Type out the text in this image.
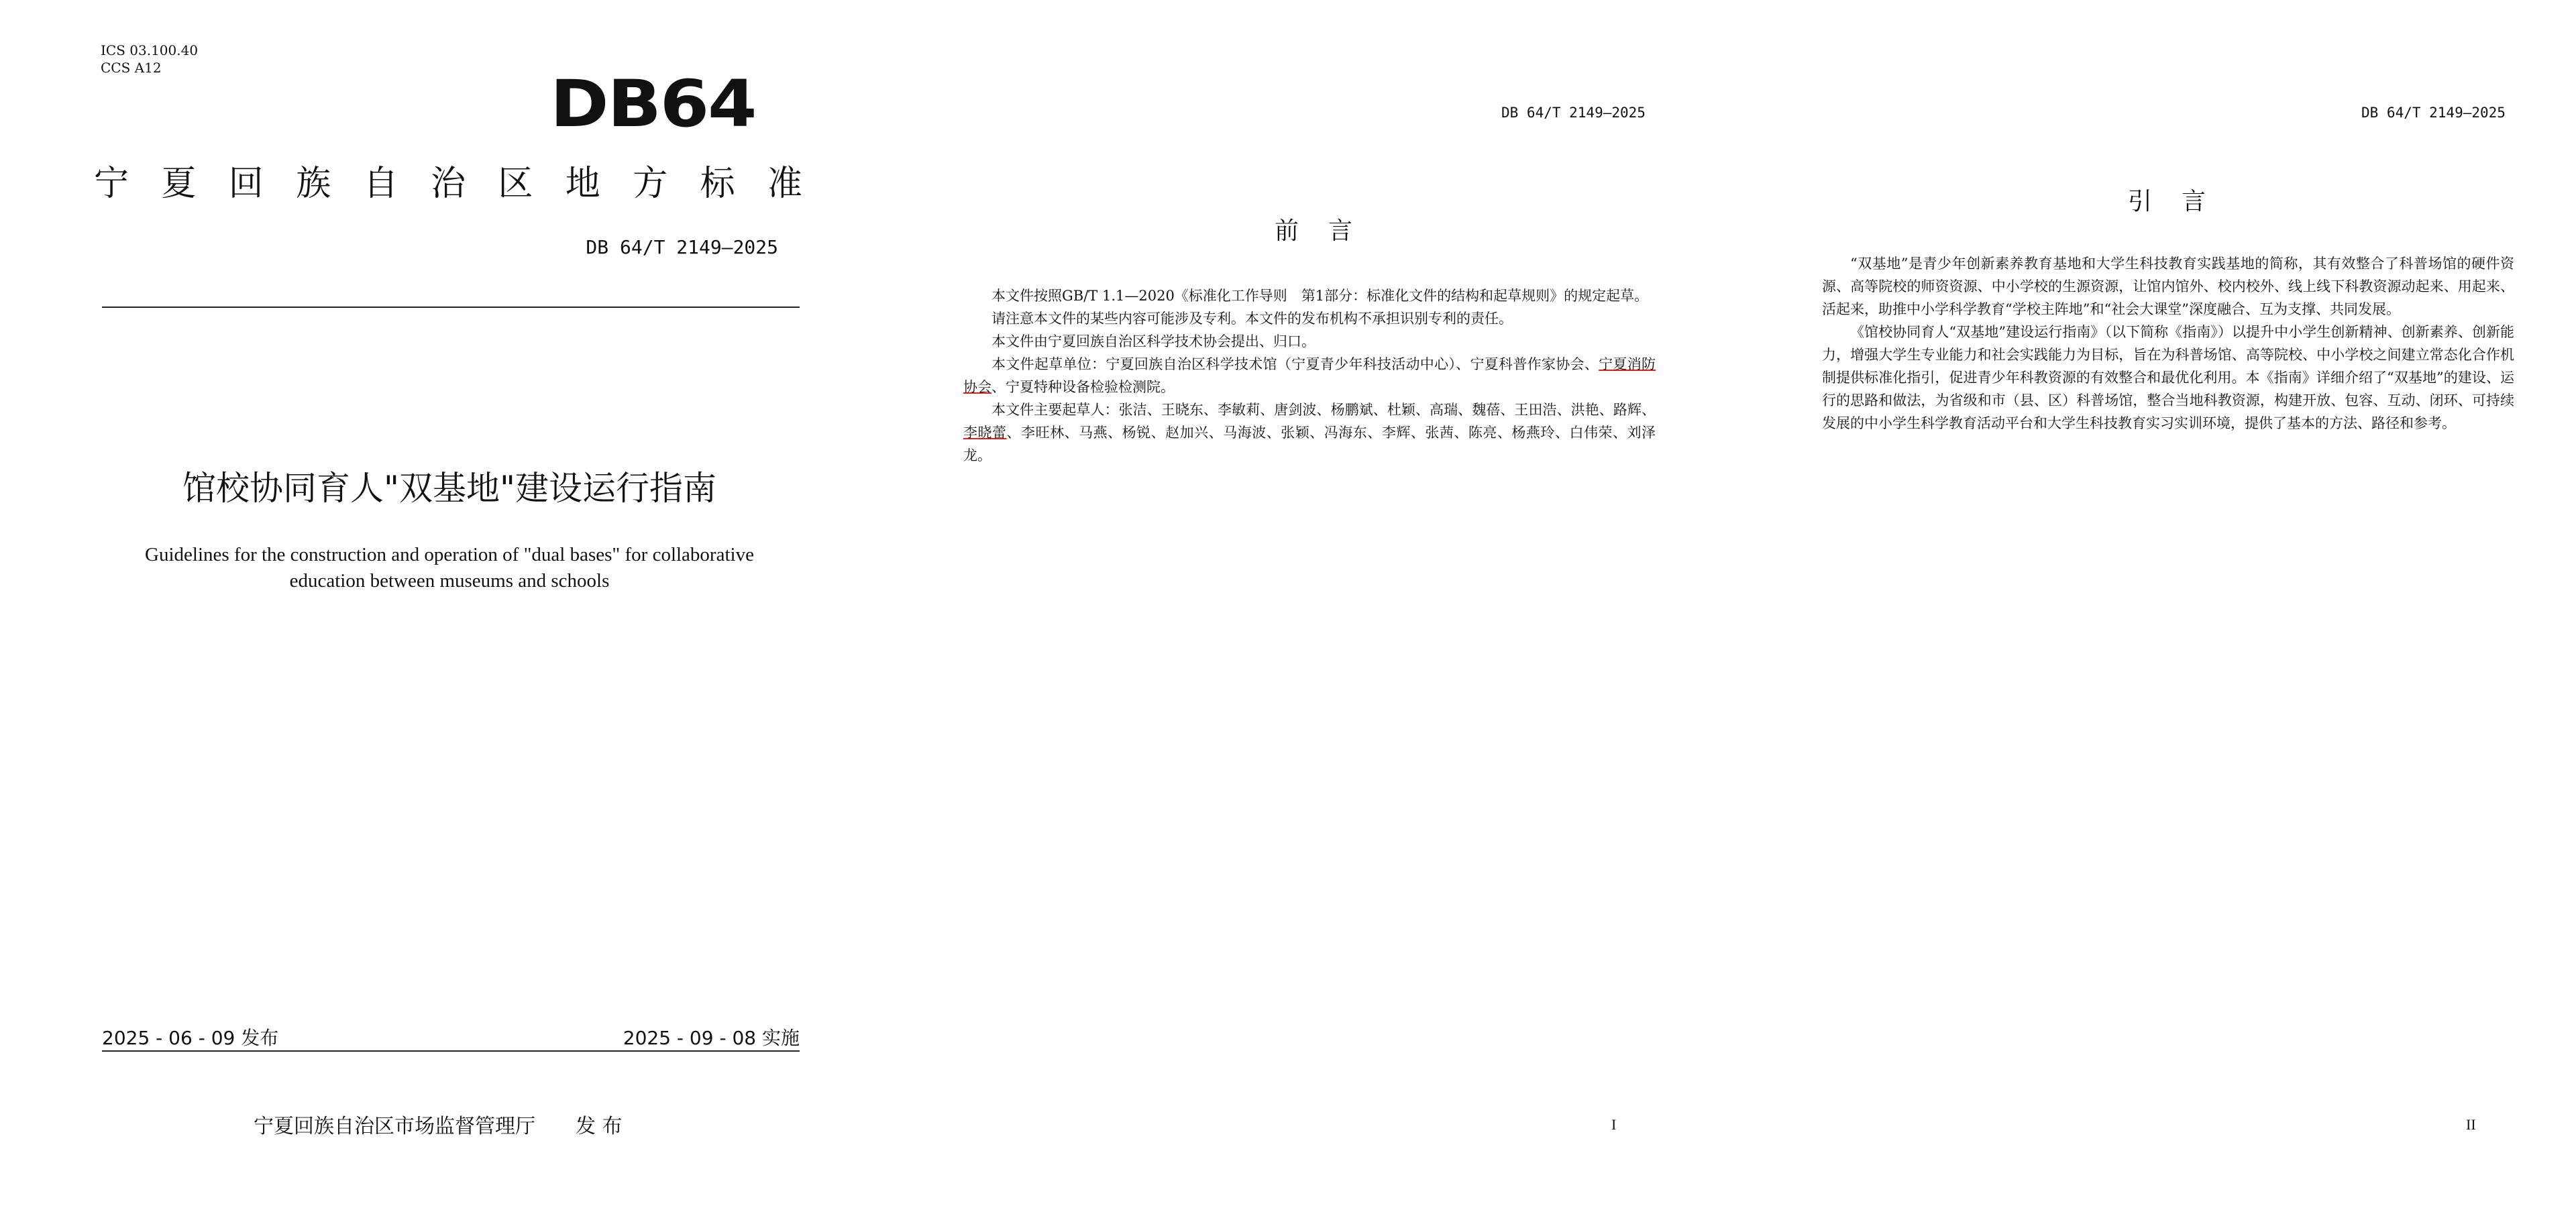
ICS 03.100.40
CCS A12	DB64
宁夏回族自治区地方标准
DB 64/T 2149—2025
馆校协同育人"双基地"建设运行指南
Guidelines for the construction and operation of "dual bases" for collaborative education between museums and schools
2025 - 06 - 09 发布	2025 - 09 - 08 实施
宁夏回族自治区市场监督管理厅 发 布
DB 64/T 2149—2025
前言

本文件按照GB/T 1.1—2020《标准化工作导则　第1部分：标准化文件的结构和起草规则》的规定起草。

请注意本文件的某些内容可能涉及专利。本文件的发布机构不承担识别专利的责任。

本文件由宁夏回族自治区科学技术协会提出、归口。

本文件起草单位：宁夏回族自治区科学技术馆（宁夏青少年科技活动中心）、宁夏科普作家协会、宁夏消防协会、宁夏特种设备检验检测院。

本文件主要起草人：张洁、王晓东、李敏莉、唐剑波、杨鹏斌、杜颖、高瑞、魏蓓、王田浩、洪艳、路辉、李晓蕾、李旺林、马燕、杨锐、赵加兴、马海波、张颖、冯海东、李辉、张茜、陈亮、杨燕玲、白伟荣、刘泽龙。

I
DB 64/T 2149—2025
引言

“双基地”是青少年创新素养教育基地和大学生科技教育实践基地的简称，其有效整合了科普场馆的硬件资源、高等院校的师资资源、中小学校的生源资源，让馆内馆外、校内校外、线上线下科教资源动起来、用起来、活起来，助推中小学科学教育“学校主阵地”和“社会大课堂”深度融合、互为支撑、共同发展。

《馆校协同育人“双基地”建设运行指南》（以下简称《指南》）以提升中小学生创新精神、创新素养、创新能力，增强大学生专业能力和社会实践能力为目标，旨在为科普场馆、高等院校、中小学校之间建立常态化合作机制提供标准化指引，促进青少年科教资源的有效整合和最优化利用。本《指南》详细介绍了“双基地”的建设、运行的思路和做法，为省级和市（县、区）科普场馆，整合当地科教资源，构建开放、包容、互动、闭环、可持续发展的中小学生科学教育活动平台和大学生科技教育实习实训环境，提供了基本的方法、路径和参考。

II
